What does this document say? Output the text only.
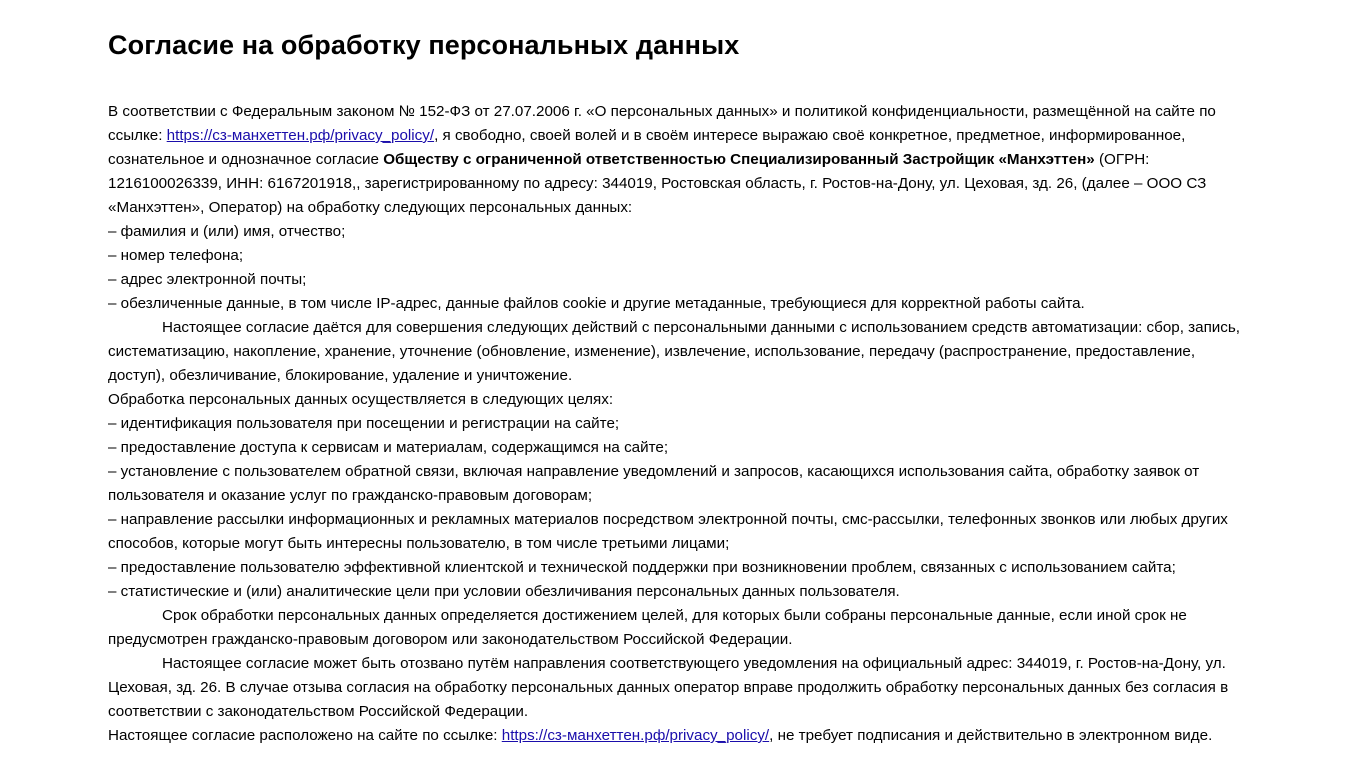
Согласие на обработку персональных данных

В соответствии с Федеральным законом № 152-ФЗ от 27.07.2006 г. «О персональных данных» и политикой конфиденциальности, размещённой на сайте по ссылке: https://сз-манхеттен.рф/privacy_policy/, я свободно, своей волей и в своём интересе выражаю своё конкретное, предметное, информированное, сознательное и однозначное согласие Обществу с ограниченной ответственностью Специализированный Застройщик «Манхэттен» (ОГРН: 1216100026339, ИНН: 6167201918,, зарегистрированному по адресу: 344019, Ростовская область, г. Ростов-на-Дону, ул. Цеховая, зд. 26, (далее – ООО СЗ «Манхэттен», Оператор) на обработку следующих персональных данных:

– фамилия и (или) имя, отчество;

– номер телефона;

– адрес электронной почты;

– обезличенные данные, в том числе IP-адрес, данные файлов cookie и другие метаданные, требующиеся для корректной работы сайта.

Настоящее согласие даётся для совершения следующих действий с персональными данными с использованием средств автоматизации: сбор, запись, систематизацию, накопление, хранение, уточнение (обновление, изменение), извлечение, использование, передачу (распространение, предоставление, доступ), обезличивание, блокирование, удаление и уничтожение.

Обработка персональных данных осуществляется в следующих целях:

– идентификация пользователя при посещении и регистрации на сайте;

– предоставление доступа к сервисам и материалам, содержащимся на сайте;

– установление с пользователем обратной связи, включая направление уведомлений и запросов, касающихся использования сайта, обработку заявок от пользователя и оказание услуг по гражданско-правовым договорам;

– направление рассылки информационных и рекламных материалов посредством электронной почты, смс-рассылки, телефонных звонков или любых других способов, которые могут быть интересны пользователю, в том числе третьими лицами;

– предоставление пользователю эффективной клиентской и технической поддержки при возникновении проблем, связанных с использованием сайта;

– статистические и (или) аналитические цели при условии обезличивания персональных данных пользователя.

Срок обработки персональных данных определяется достижением целей, для которых были собраны персональные данные, если иной срок не предусмотрен гражданско-правовым договором или законодательством Российской Федерации.

Настоящее согласие может быть отозвано путём направления соответствующего уведомления на официальный адрес: 344019, г. Ростов-на-Дону, ул. Цеховая, зд. 26. В случае отзыва согласия на обработку персональных данных оператор вправе продолжить обработку персональных данных без согласия в соответствии с законодательством Российской Федерации.

Настоящее согласие расположено на сайте по ссылке: https://сз-манхеттен.рф/privacy_policy/, не требует подписания и действительно в электронном виде.
